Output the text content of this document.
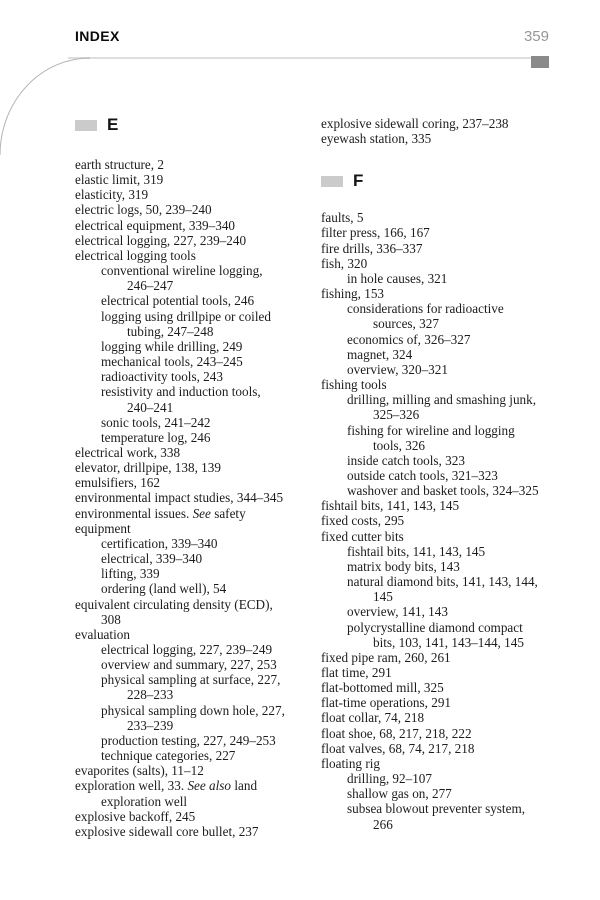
INDEX	359
E
earth structure, 2
elastic limit, 319
elasticity, 319
electric logs, 50, 239–240
electrical equipment, 339–340
electrical logging, 227, 239–240
electrical logging tools
conventional wireline logging,
246–247
electrical potential tools, 246
logging using drillpipe or coiled
tubing, 247–248
logging while drilling, 249
mechanical tools, 243–245
radioactivity tools, 243
resistivity and induction tools,
240–241
sonic tools, 241–242
temperature log, 246
electrical work, 338
elevator, drillpipe, 138, 139
emulsifiers, 162
environmental impact studies, 344–345
environmental issues. See safety
equipment
certification, 339–340
electrical, 339–340
lifting, 339
ordering (land well), 54
equivalent circulating density (ECD),
308
evaluation
electrical logging, 227, 239–249
overview and summary, 227, 253
physical sampling at surface, 227,
228–233
physical sampling down hole, 227,
233–239
production testing, 227, 249–253
technique categories, 227
evaporites (salts), 11–12
exploration well, 33. See also land
exploration well
explosive backoff, 245
explosive sidewall core bullet, 237
explosive sidewall coring, 237–238
eyewash station, 335
F
faults, 5
filter press, 166, 167
fire drills, 336–337
fish, 320
in hole causes, 321
fishing, 153
considerations for radioactive
sources, 327
economics of, 326–327
magnet, 324
overview, 320–321
fishing tools
drilling, milling and smashing junk,
325–326
fishing for wireline and logging
tools, 326
inside catch tools, 323
outside catch tools, 321–323
washover and basket tools, 324–325
fishtail bits, 141, 143, 145
fixed costs, 295
fixed cutter bits
fishtail bits, 141, 143, 145
matrix body bits, 143
natural diamond bits, 141, 143, 144,
145
overview, 141, 143
polycrystalline diamond compact
bits, 103, 141, 143–144, 145
fixed pipe ram, 260, 261
flat time, 291
flat-bottomed mill, 325
flat-time operations, 291
float collar, 74, 218
float shoe, 68, 217, 218, 222
float valves, 68, 74, 217, 218
floating rig
drilling, 92–107
shallow gas on, 277
subsea blowout preventer system,
266
